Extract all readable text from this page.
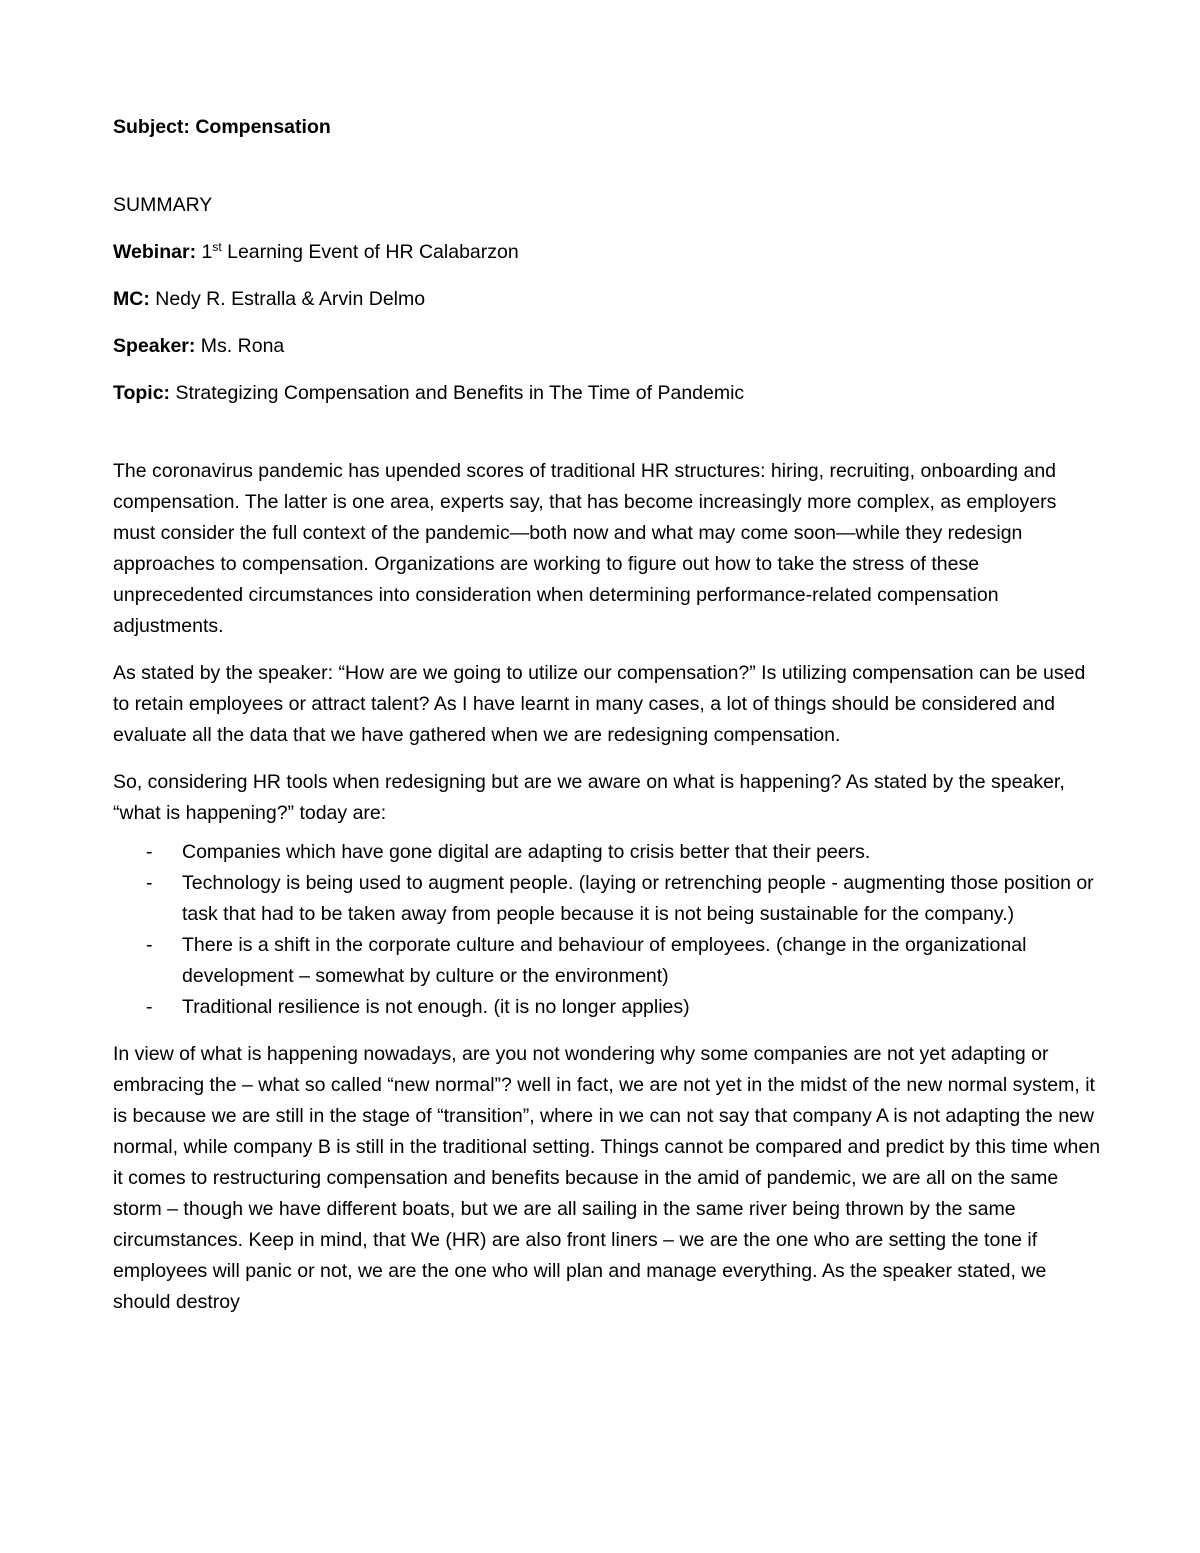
Subject: Compensation
SUMMARY
Webinar: 1st Learning Event of HR Calabarzon
MC: Nedy R. Estralla & Arvin Delmo
Speaker: Ms. Rona
Topic: Strategizing Compensation and Benefits in The Time of Pandemic

The coronavirus pandemic has upended scores of traditional HR structures: hiring, recruiting, onboarding and compensation. The latter is one area, experts say, that has become increasingly more complex, as employers must consider the full context of the pandemic—both now and what may come soon—while they redesign approaches to compensation. Organizations are working to figure out how to take the stress of these unprecedented circumstances into consideration when determining performance-related compensation adjustments.

As stated by the speaker: “How are we going to utilize our compensation?” Is utilizing compensation can be used to retain employees or attract talent? As I have learnt in many cases, a lot of things should be considered and evaluate all the data that we have gathered when we are redesigning compensation.

So, considering HR tools when redesigning but are we aware on what is happening? As stated by the speaker, “what is happening?” today are:

- Companies which have gone digital are adapting to crisis better that their peers.
- Technology is being used to augment people. (laying or retrenching people - augmenting those position or task that had to be taken away from people because it is not being sustainable for the company.)
- There is a shift in the corporate culture and behaviour of employees. (change in the organizational development – somewhat by culture or the environment)
- Traditional resilience is not enough. (it is no longer applies)

In view of what is happening nowadays, are you not wondering why some companies are not yet adapting or embracing the – what so called “new normal”? well in fact, we are not yet in the midst of the new normal system, it is because we are still in the stage of “transition”, where in we can not say that company A is not adapting the new normal, while company B is still in the traditional setting. Things cannot be compared and predict by this time when it comes to restructuring compensation and benefits because in the amid of pandemic, we are all on the same storm – though we have different boats, but we are all sailing in the same river being thrown by the same circumstances. Keep in mind, that We (HR) are also front liners – we are the one who are setting the tone if employees will panic or not, we are the one who will plan and manage everything. As the speaker stated, we should destroy
